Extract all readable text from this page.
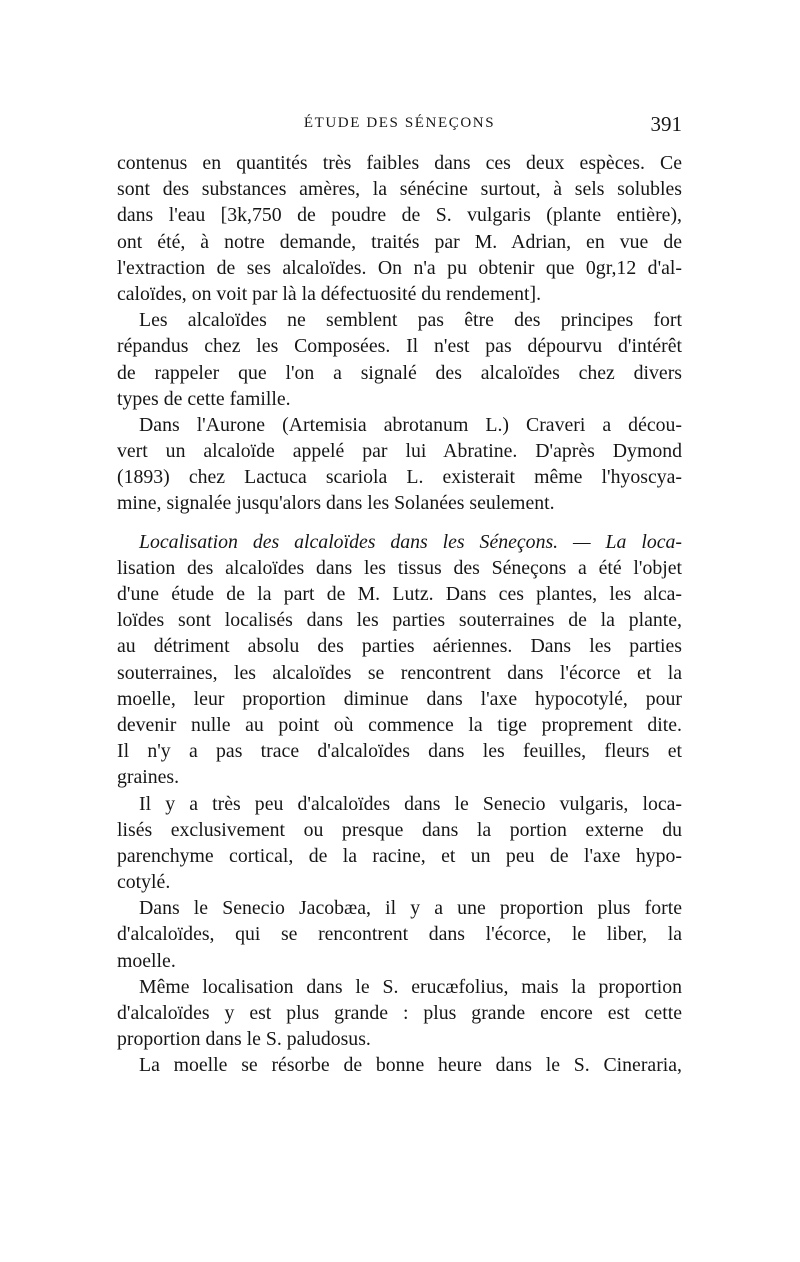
ÉTUDE DES SÉNEÇONS	391
contenus en quantités très faibles dans ces deux espèces. Ce
sont des substances amères, la sénécine surtout, à sels solubles
dans l'eau [3k,750 de poudre de S. vulgaris (plante entière),
ont été, à notre demande, traités par M. Adrian, en vue de
l'extraction de ses alcaloïdes. On n'a pu obtenir que 0gr,12 d'al-
caloïdes, on voit par là la défectuosité du rendement].
Les alcaloïdes ne semblent pas être des principes fort
répandus chez les Composées. Il n'est pas dépourvu d'intérêt
de rappeler que l'on a signalé des alcaloïdes chez divers
types de cette famille.
Dans l'Aurone (Artemisia abrotanum L.) Craveri a décou-
vert un alcaloïde appelé par lui Abratine. D'après Dymond
(1893) chez Lactuca scariola L. existerait même l'hyoscya-
mine, signalée jusqu'alors dans les Solanées seulement.
Localisation des alcaloïdes dans les Séneçons. — La loca-
lisation des alcaloïdes dans les tissus des Séneçons a été l'objet
d'une étude de la part de M. Lutz. Dans ces plantes, les alca-
loïdes sont localisés dans les parties souterraines de la plante,
au détriment absolu des parties aériennes. Dans les parties
souterraines, les alcaloïdes se rencontrent dans l'écorce et la
moelle, leur proportion diminue dans l'axe hypocotylé, pour
devenir nulle au point où commence la tige proprement dite.
Il n'y a pas trace d'alcaloïdes dans les feuilles, fleurs et
graines.
Il y a très peu d'alcaloïdes dans le Senecio vulgaris, loca-
lisés exclusivement ou presque dans la portion externe du
parenchyme cortical, de la racine, et un peu de l'axe hypo-
cotylé.
Dans le Senecio Jacobæa, il y a une proportion plus forte
d'alcaloïdes, qui se rencontrent dans l'écorce, le liber, la
moelle.
Même localisation dans le S. erucæfolius, mais la proportion
d'alcaloïdes y est plus grande : plus grande encore est cette
proportion dans le S. paludosus.
La moelle se résorbe de bonne heure dans le S. Cineraria,
